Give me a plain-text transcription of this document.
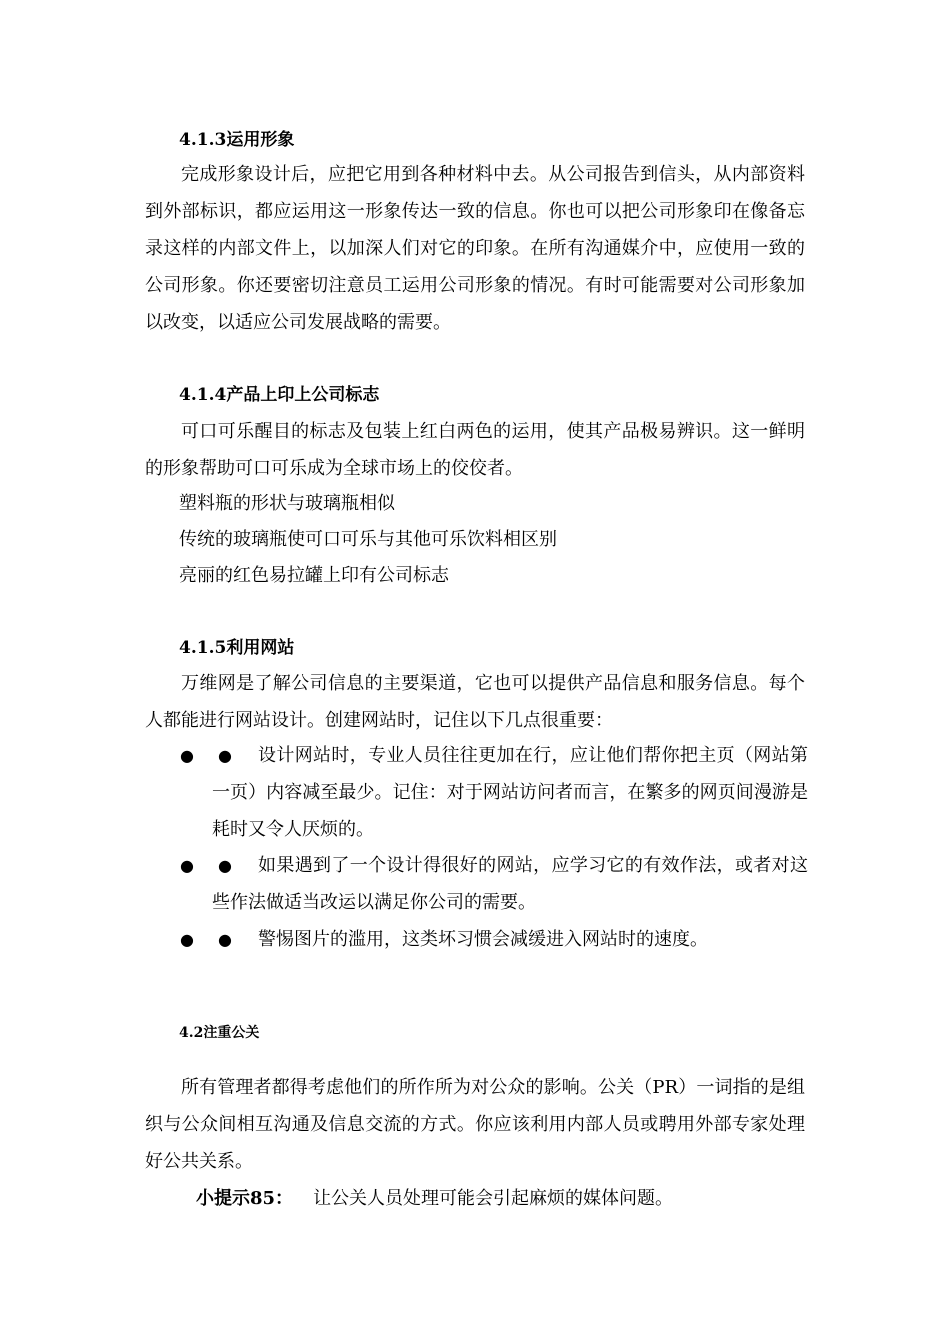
4.1.3运用形象

完成形象设计后，应把它用到各种材料中去。从公司报告到信头，从内部资料到外部标识，都应运用这一形象传达一致的信息。你也可以把公司形象印在像备忘录这样的内部文件上，以加深人们对它的印象。在所有沟通媒介中，应使用一致的公司形象。你还要密切注意员工运用公司形象的情况。有时可能需要对公司形象加以改变，以适应公司发展战略的需要。

4.1.4产品上印上公司标志

可口可乐醒目的标志及包装上红白两色的运用，使其产品极易辨识。这一鲜明的形象帮助可口可乐成为全球市场上的佼佼者。

塑料瓶的形状与玻璃瓶相似

传统的玻璃瓶使可口可乐与其他可乐饮料相区别

亮丽的红色易拉罐上印有公司标志

4.1.5利用网站

万维网是了解公司信息的主要渠道，它也可以提供产品信息和服务信息。每个人都能进行网站设计。创建网站时，记住以下几点很重要：

● ●	设计网站时，专业人员往往更加在行，应让他们帮你把主页（网站第一页）内容减至最少。记住：对于网站访问者而言，在繁多的网页间漫游是耗时又令人厌烦的。

● ●	如果遇到了一个设计得很好的网站，应学习它的有效作法，或者对这些作法做适当改运以满足你公司的需要。

● ●	警惕图片的滥用，这类坏习惯会减缓进入网站时的速度。

4.2注重公关

所有管理者都得考虑他们的所作所为对公众的影响。公关（PR）一词指的是组织与公众间相互沟通及信息交流的方式。你应该利用内部人员或聘用外部专家处理好公共关系。

小提示85： 让公关人员处理可能会引起麻烦的媒体问题。
